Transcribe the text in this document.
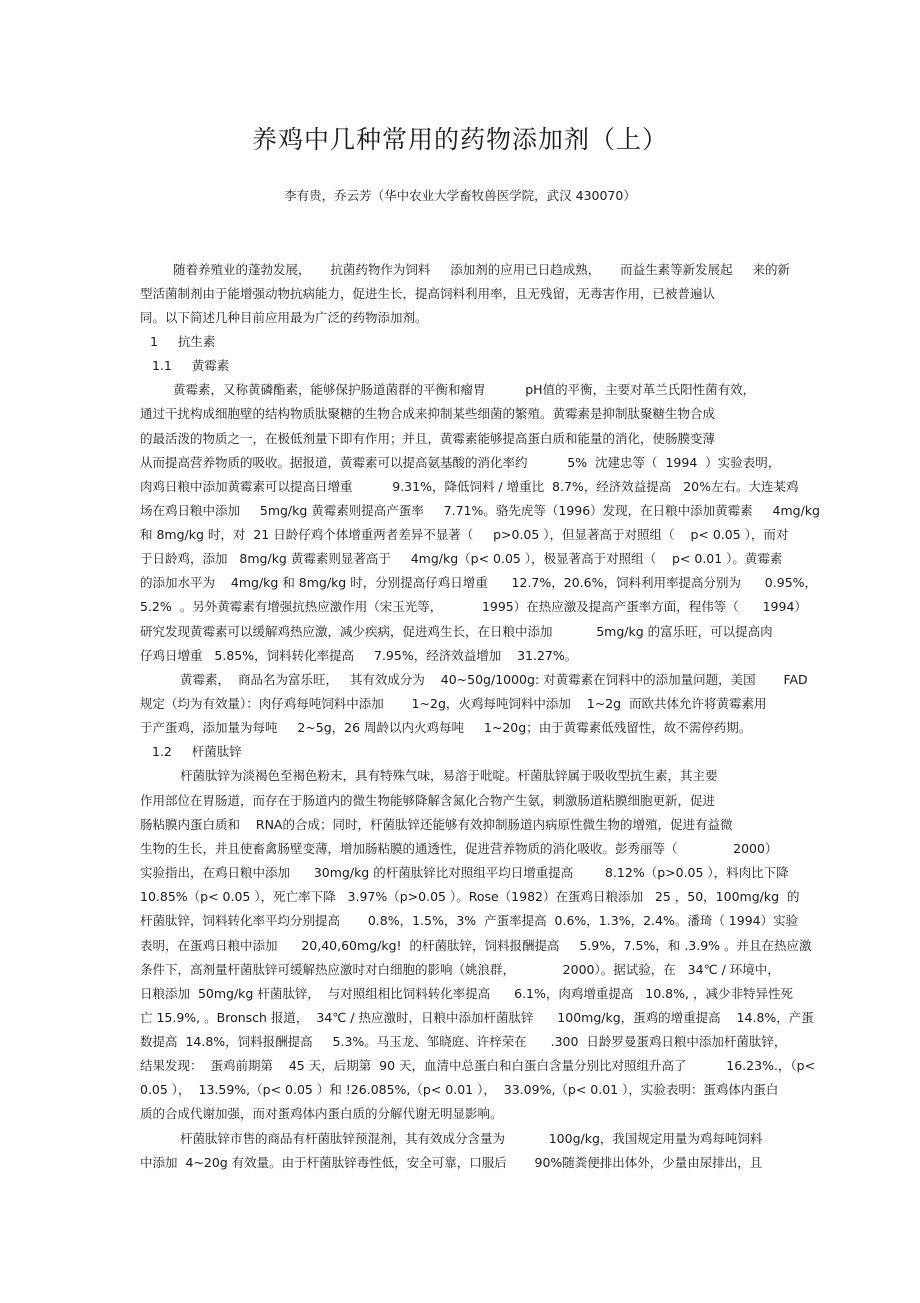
养鸡中几种常用的药物添加剂（上）
李有贵，乔云芳（华中农业大学畜牧兽医学院，武汉 430070）
随着养殖业的蓬勃发展，     抗菌药物作为饲料     添加剂的应用已日趋成熟，     而益生素等新发展起     来的新
型活菌制剂由于能增强动物抗病能力，促进生长，提高饲料利用率，且无残留，无毒害作用，已被普遍认
同。以下简述几种目前应用最为广泛的药物添加剂。
1     抗生素
1.1     黄霉素
黄霉素，又称黄磷酯素，能够保护肠道菌群的平衡和瘤胃          pH值的平衡，主要对革兰氏阳性菌有效，
通过干扰构成细胞壁的结构物质肽聚糖的生物合成来抑制某些细菌的繁殖。黄霉素是抑制肽聚糖生物合成
的最活泼的物质之一，在极低剂量下即有作用；并且，黄霉素能够提高蛋白质和能量的消化，使肠膜变薄
从而提高营养物质的吸收。据报道，黄霉素可以提高氨基酸的消化率约          5%  沈建忠等（  1994  ）实验表明，
肉鸡日粮中添加黄霉素可以提高日增重          9.31%，降低饲料 / 增重比  8.7%，经济效益提高   20%左右。大连某鸡
场在鸡日粮中添加     5mg/kg 黄霉素则提高产蛋率     7.71%。骆先虎等（1996）发现，在日粮中添加黄霉素     4mg/kg
和 8mg/kg 时，对  21 日龄仔鸡个体增重两者差异不显著（     p>0.05 ），但显著高于对照组（    p< 0.05 ），而对
于日龄鸡，添加   8mg/kg 黄霉素则显著高于     4mg/kg（p< 0.05 ），极显著高于对照组（    p< 0.01 ）。黄霉素
的添加水平为    4mg/kg 和 8mg/kg 时，分别提高仔鸡日增重      12.7%，20.6%，饲料利用率提高分别为      0.95%，
5.2%  。另外黄霉素有增强抗热应激作用（宋玉光等，          1995）在热应激及提高产蛋率方面，程伟等（      1994）
研究发现黄霉素可以缓解鸡热应激，减少疾病，促进鸡生长，在日粮中添加           5mg/kg 的富乐旺，可以提高肉
仔鸡日增重   5.85%，饲料转化率提高     7.95%，经济效益增加    31.27%。
黄霉素，  商品名为富乐旺，   其有效成分为    40~50g/1000g: 对黄霉素在饲料中的添加量问题，美国       FAD
规定（均为有效量）：肉仔鸡每吨饲料中添加       1~2g，火鸡每吨饲料中添加    1~2g  而欧共体允许将黄霉素用
于产蛋鸡，添加量为每吨     2~5g，26 周龄以内火鸡每吨     1~20g；由于黄霉素低残留性，故不需停药期。
1.2     杆菌肽锌
杆菌肽锌为淡褐色至褐色粉末，具有特殊气味，易溶于吡啶。杆菌肽锌属于吸收型抗生素，其主要
作用部位在胃肠道，而存在于肠道内的微生物能够降解含氮化合物产生氨，刺激肠道粘膜细胞更新，促进
肠粘膜内蛋白质和    RNA的合成；同时，杆菌肽锌还能够有效抑制肠道内病原性微生物的增殖，促进有益微
生物的生长，并且使畜禽肠壁变薄，增加肠粘膜的通透性，促进营养物质的消化吸收。彭秀丽等（              2000）
实验指出，在鸡日粮中添加      30mg/kg 的杆菌肽锌比对照组平均日增重提高        8.12%（p>0.05 ），料肉比下降
10.85%（p< 0.05 ），死亡率下降   3.97%（p>0.05 ）。Rose（1982）在蛋鸡日粮添加   25 ，50，100mg/kg  的
杆菌肽锌，饲料转化率平均分别提高       0.8%，1.5%，3%  产蛋率提高  0.6%，1.3%，2.4%。潘琦（ 1994）实验
表明，在蛋鸡日粮中添加      20,40,60mg/kg!  的杆菌肽锌，饲料报酬提高     5.9%，7.5%，和 .3.9% 。并且在热应激
条件下，高剂量杆菌肽锌可缓解热应激时对白细胞的影响（姚浪群，            2000）。据试验，在   34℃ / 环境中，
日粮添加  50mg/kg 杆菌肽锌，  与对照组相比饲料转化率提高      6.1%，肉鸡增重提高   10.8%, ，减少非特异性死
亡 15.9%, 。Bronsch 报道，  34℃ / 热应激时，日粮中添加杆菌肽锌      100mg/kg，蛋鸡的增重提高    14.8%，产蛋
数提高  14.8%，饲料报酬提高     5.3%。马玉龙、邹晓庭、许梓荣在      .300  日龄罗曼蛋鸡日粮中添加杆菌肽锌，
结果发现：  蛋鸡前期第    45 天，后期第  90 天，血清中总蛋白和白蛋白含量分别比对照组升高了          16.23%.，（p<
0.05 ），  13.59%,（p< 0.05 ）和 !26.085%,（p< 0.01 ），  33.09%,（p< 0.01 ），实验表明：蛋鸡体内蛋白
质的合成代谢加强，而对蛋鸡体内蛋白质的分解代谢无明显影响。
杆菌肽锌市售的商品有杆菌肽锌预混剂，其有效成分含量为           100g/kg，我国规定用量为鸡每吨饲料
中添加  4~20g 有效量。由于杆菌肽锌毒性低，安全可靠，口服后       90%随粪便排出体外，少量由尿排出，且
